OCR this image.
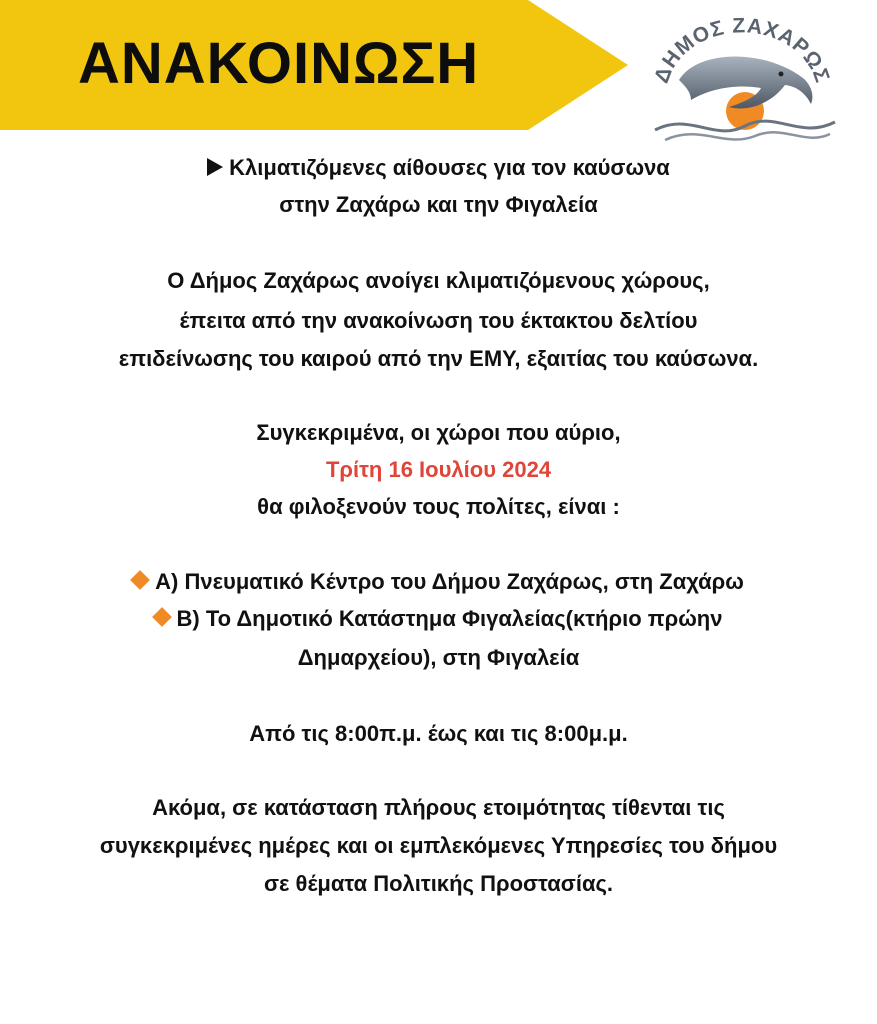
ΑΝΑΚΟΙΝΩΣΗ	ΔΗΜΟΣ ΖΑΧΑΡΩΣ
Κλιματιζόμενες αίθουσες για τον καύσωνα
στην Ζαχάρω και την Φιγαλεία
Ο Δήμος Ζαχάρως ανοίγει κλιματιζόμενους χώρους,
έπειτα από την ανακοίνωση του έκτακτου δελτίου
επιδείνωσης του καιρού από την ΕΜΥ, εξαιτίας του καύσωνα.
Συγκεκριμένα, οι χώροι που αύριο,
Τρίτη 16 Ιουλίου 2024
θα φιλοξενούν τους πολίτες, είναι :
Α) Πνευματικό Κέντρο του Δήμου Ζαχάρως, στη Ζαχάρω
Β) Το Δημοτικό Κατάστημα Φιγαλείας(κτήριο πρώην
Δημαρχείου), στη Φιγαλεία
Από τις 8:00π.μ. έως και τις 8:00μ.μ.
Ακόμα, σε κατάσταση πλήρους ετοιμότητας τίθενται τις
συγκεκριμένες ημέρες και οι εμπλεκόμενες Υπηρεσίες του δήμου
σε θέματα Πολιτικής Προστασίας.
